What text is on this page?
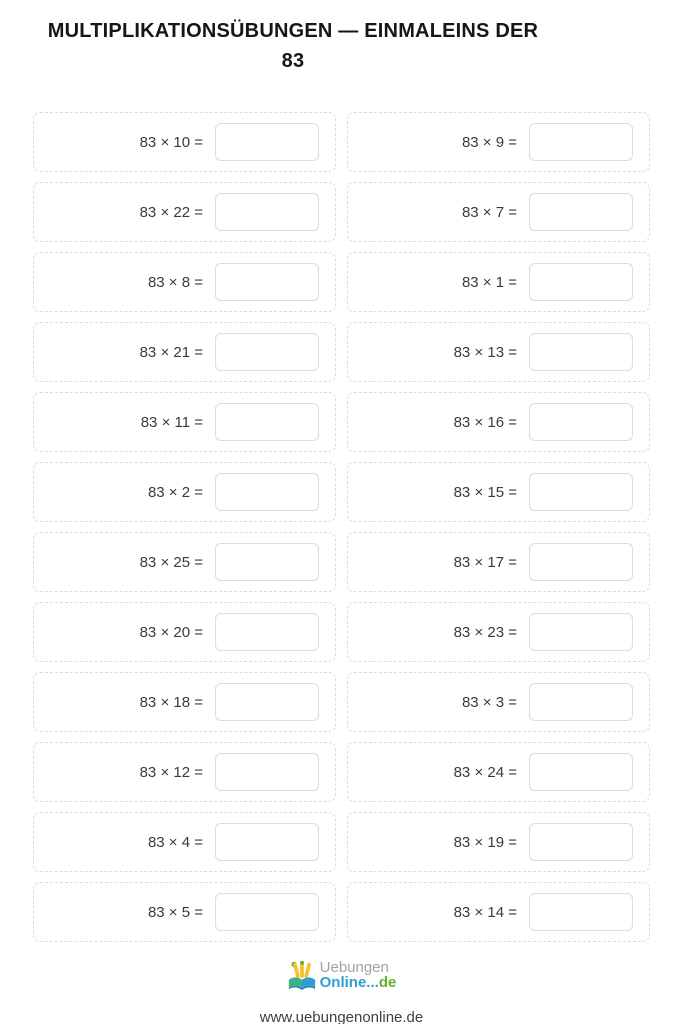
MULTIPLIKATIONSÜBUNGEN — EINMALEINS DER
83
83 × 10 =	83 × 9 =
83 × 22 =	83 × 7 =
83 × 8 =	83 × 1 =
83 × 21 =	83 × 13 =
83 × 11 =	83 × 16 =
83 × 2 =	83 × 15 =
83 × 25 =	83 × 17 =
83 × 20 =	83 × 23 =
83 × 18 =	83 × 3 =
83 × 12 =	83 × 24 =
83 × 4 =	83 × 19 =
83 × 5 =	83 × 14 =
Uebungen
Online...de
www.uebungenonline.de
